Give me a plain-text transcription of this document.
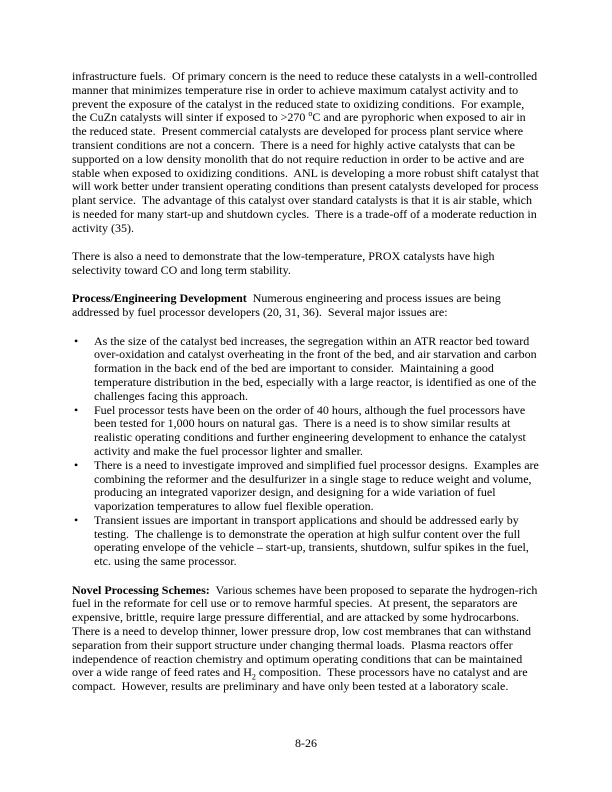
infrastructure fuels.  Of primary concern is the need to reduce these catalysts in a well-controlled manner that minimizes temperature rise in order to achieve maximum catalyst activity and to prevent the exposure of the catalyst in the reduced state to oxidizing conditions.  For example, the CuZn catalysts will sinter if exposed to >270 $^o$C and are pyrophoric when exposed to air in the reduced state.  Present commercial catalysts are developed for process plant service where transient conditions are not a concern.  There is a need for highly active catalysts that can be supported on a low density monolith that do not require reduction in order to be active and are stable when exposed to oxidizing conditions.  ANL is developing a more robust shift catalyst that will work better under transient operating conditions than present catalysts developed for process plant service.  The advantage of this catalyst over standard catalysts is that it is air stable, which is needed for many start-up and shutdown cycles.  There is a trade-off of a moderate reduction in activity (35).

There is also a need to demonstrate that the low-temperature, PROX catalysts have high selectivity toward CO and long term stability.

Process/Engineering Development  Numerous engineering and process issues are being addressed by fuel processor developers (20, 31, 36).  Several major issues are:

•	As the size of the catalyst bed increases, the segregation within an ATR reactor bed toward over-oxidation and catalyst overheating in the front of the bed, and air starvation and carbon formation in the back end of the bed are important to consider.  Maintaining a good temperature distribution in the bed, especially with a large reactor, is identified as one of the challenges facing this approach.
•	Fuel processor tests have been on the order of 40 hours, although the fuel processors have been tested for 1,000 hours on natural gas.  There is a need is to show similar results at realistic operating conditions and further engineering development to enhance the catalyst activity and make the fuel processor lighter and smaller.
•	There is a need to investigate improved and simplified fuel processor designs.  Examples are combining the reformer and the desulfurizer in a single stage to reduce weight and volume, producing an integrated vaporizer design, and designing for a wide variation of fuel vaporization temperatures to allow fuel flexible operation.
•	Transient issues are important in transport applications and should be addressed early by testing.  The challenge is to demonstrate the operation at high sulfur content over the full operating envelope of the vehicle – start-up, transients, shutdown, sulfur spikes in the fuel, etc. using the same processor.

Novel Processing Schemes:  Various schemes have been proposed to separate the hydrogen-rich fuel in the reformate for cell use or to remove harmful species.  At present, the separators are expensive, brittle, require large pressure differential, and are attacked by some hydrocarbons.  There is a need to develop thinner, lower pressure drop, low cost membranes that can withstand separation from their support structure under changing thermal loads.  Plasma reactors offer independence of reaction chemistry and optimum operating conditions that can be maintained over a wide range of feed rates and $H_2$ composition.  These processors have no catalyst and are compact.  However, results are preliminary and have only been tested at a laboratory scale.

8-26
